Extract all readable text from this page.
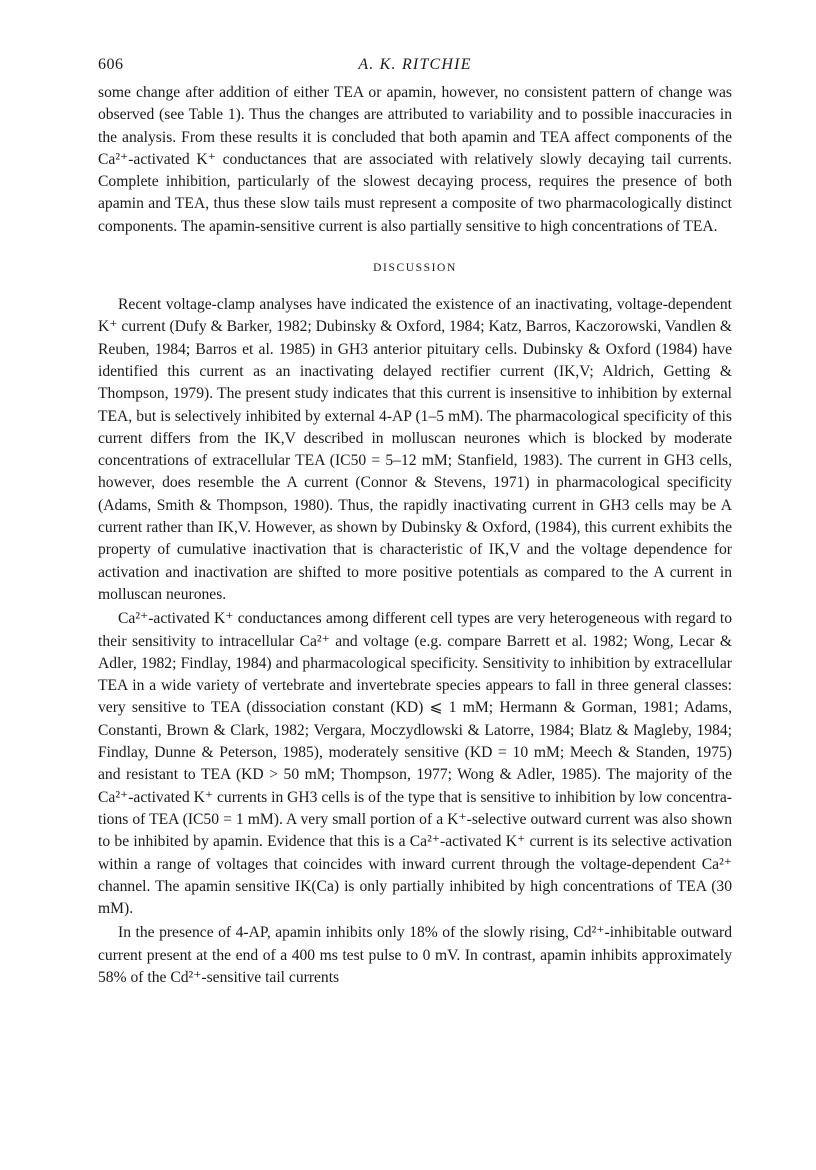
606	A. K. RITCHIE

some change after addition of either TEA or apamin, however, no consistent pattern of change was observed (see Table 1). Thus the changes are attributed to variability and to possible inaccuracies in the analysis. From these results it is concluded that both apamin and TEA affect components of the Ca²⁺-activated K⁺ conductances that are associated with relatively slowly decaying tail currents. Complete inhibition, particularly of the slowest decaying process, requires the presence of both apamin and TEA, thus these slow tails must represent a composite of two pharmacologically distinct components. The apamin-sensitive current is also partially sensitive to high concentrations of TEA.

DISCUSSION

Recent voltage-clamp analyses have indicated the existence of an inactivating, voltage-dependent K⁺ current (Dufy & Barker, 1982; Dubinsky & Oxford, 1984; Katz, Barros, Kaczorowski, Vandlen & Reuben, 1984; Barros et al. 1985) in GH3 anterior pituitary cells. Dubinsky & Oxford (1984) have identified this current as an inactivating delayed rectifier current (IK,V; Aldrich, Getting & Thompson, 1979). The present study indicates that this current is insensitive to inhibition by external TEA, but is selectively inhibited by external 4-AP (1–5 mM). The pharmacological specificity of this current differs from the IK,V described in molluscan neurones which is blocked by moderate concentrations of extracellular TEA (IC50 = 5–12 mM; Stanfield, 1983). The current in GH3 cells, however, does resemble the A current (Connor & Stevens, 1971) in pharmacological specificity (Adams, Smith & Thompson, 1980). Thus, the rapidly inactivating current in GH3 cells may be A current rather than IK,V. However, as shown by Dubinsky & Oxford, (1984), this current exhibits the property of cumulative inactivation that is characteristic of IK,V and the voltage dependence for activation and inactivation are shifted to more positive potentials as compared to the A current in molluscan neurones.

Ca²⁺-activated K⁺ conductances among different cell types are very heterogeneous with regard to their sensitivity to intracellular Ca²⁺ and voltage (e.g. compare Barrett et al. 1982; Wong, Lecar & Adler, 1982; Findlay, 1984) and pharmacological specificity. Sensitivity to inhibition by extracellular TEA in a wide variety of vertebrate and invertebrate species appears to fall in three general classes: very sensitive to TEA (dissociation constant (KD) ⩽ 1 mM; Hermann & Gorman, 1981; Adams, Constanti, Brown & Clark, 1982; Vergara, Moczydlowski & Latorre, 1984; Blatz & Magleby, 1984; Findlay, Dunne & Peterson, 1985), moderately sensitive (KD = 10 mM; Meech & Standen, 1975) and resistant to TEA (KD > 50 mM; Thompson, 1977; Wong & Adler, 1985). The majority of the Ca²⁺-activated K⁺ currents in GH3 cells is of the type that is sensitive to inhibition by low concentrations of TEA (IC50 = 1 mM). A very small portion of a K⁺-selective outward current was also shown to be inhibited by apamin. Evidence that this is a Ca²⁺-activated K⁺ current is its selective activation within a range of voltages that coincides with inward current through the voltage-dependent Ca²⁺ channel. The apamin sensitive IK(Ca) is only partially inhibited by high concentrations of TEA (30 mM).

In the presence of 4-AP, apamin inhibits only 18% of the slowly rising, Cd²⁺-inhibitable outward current present at the end of a 400 ms test pulse to 0 mV. In contrast, apamin inhibits approximately 58% of the Cd²⁺-sensitive tail currents
